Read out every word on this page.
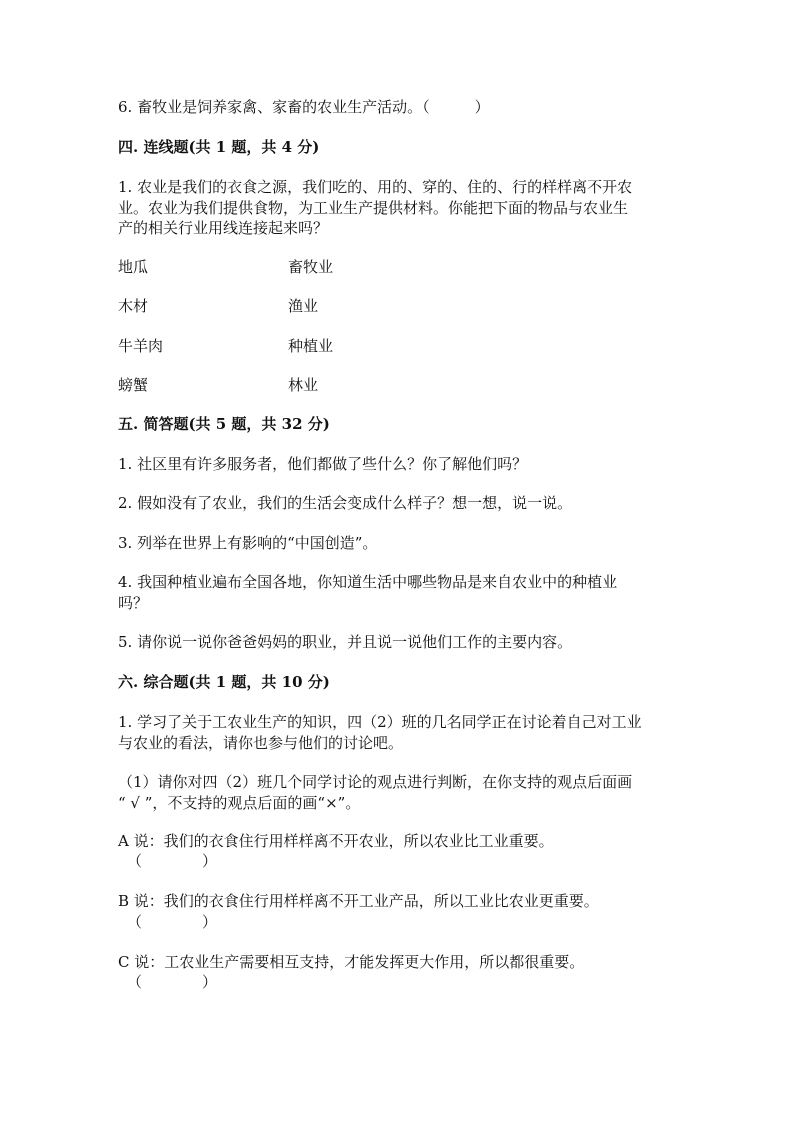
6. 畜牧业是饲养家禽、家畜的农业生产活动。（　　　）
四. 连线题(共 1 题，共 4 分)
1. 农业是我们的衣食之源，我们吃的、用的、穿的、住的、行的样样离不开农
业。农业为我们提供食物，为工业生产提供材料。你能把下面的物品与农业生
产的相关行业用线连接起来吗？
地瓜	畜牧业
木材	渔业
牛羊肉	种植业
螃蟹	林业
五. 简答题(共 5 题，共 32 分)
1. 社区里有许多服务者，他们都做了些什么？你了解他们吗？
2. 假如没有了农业，我们的生活会变成什么样子？想一想，说一说。
3. 列举在世界上有影响的“中国创造”。
4. 我国种植业遍布全国各地，你知道生活中哪些物品是来自农业中的种植业
吗？
5. 请你说一说你爸爸妈妈的职业，并且说一说他们工作的主要内容。
六. 综合题(共 1 题，共 10 分)
1. 学习了关于工农业生产的知识，四（2）班的几名同学正在讨论着自己对工业
与农业的看法，请你也参与他们的讨论吧。
（1）请你对四（2）班几个同学讨论的观点进行判断，在你支持的观点后面画
“ √ ”，不支持的观点后面的画“×”。
A 说：我们的衣食住行用样样离不开农业，所以农业比工业重要。
（　　　　）
B 说：我们的衣食住行用样样离不开工业产品，所以工业比农业更重要。
（　　　　）
C 说：工农业生产需要相互支持，才能发挥更大作用，所以都很重要。
（　　　　）
